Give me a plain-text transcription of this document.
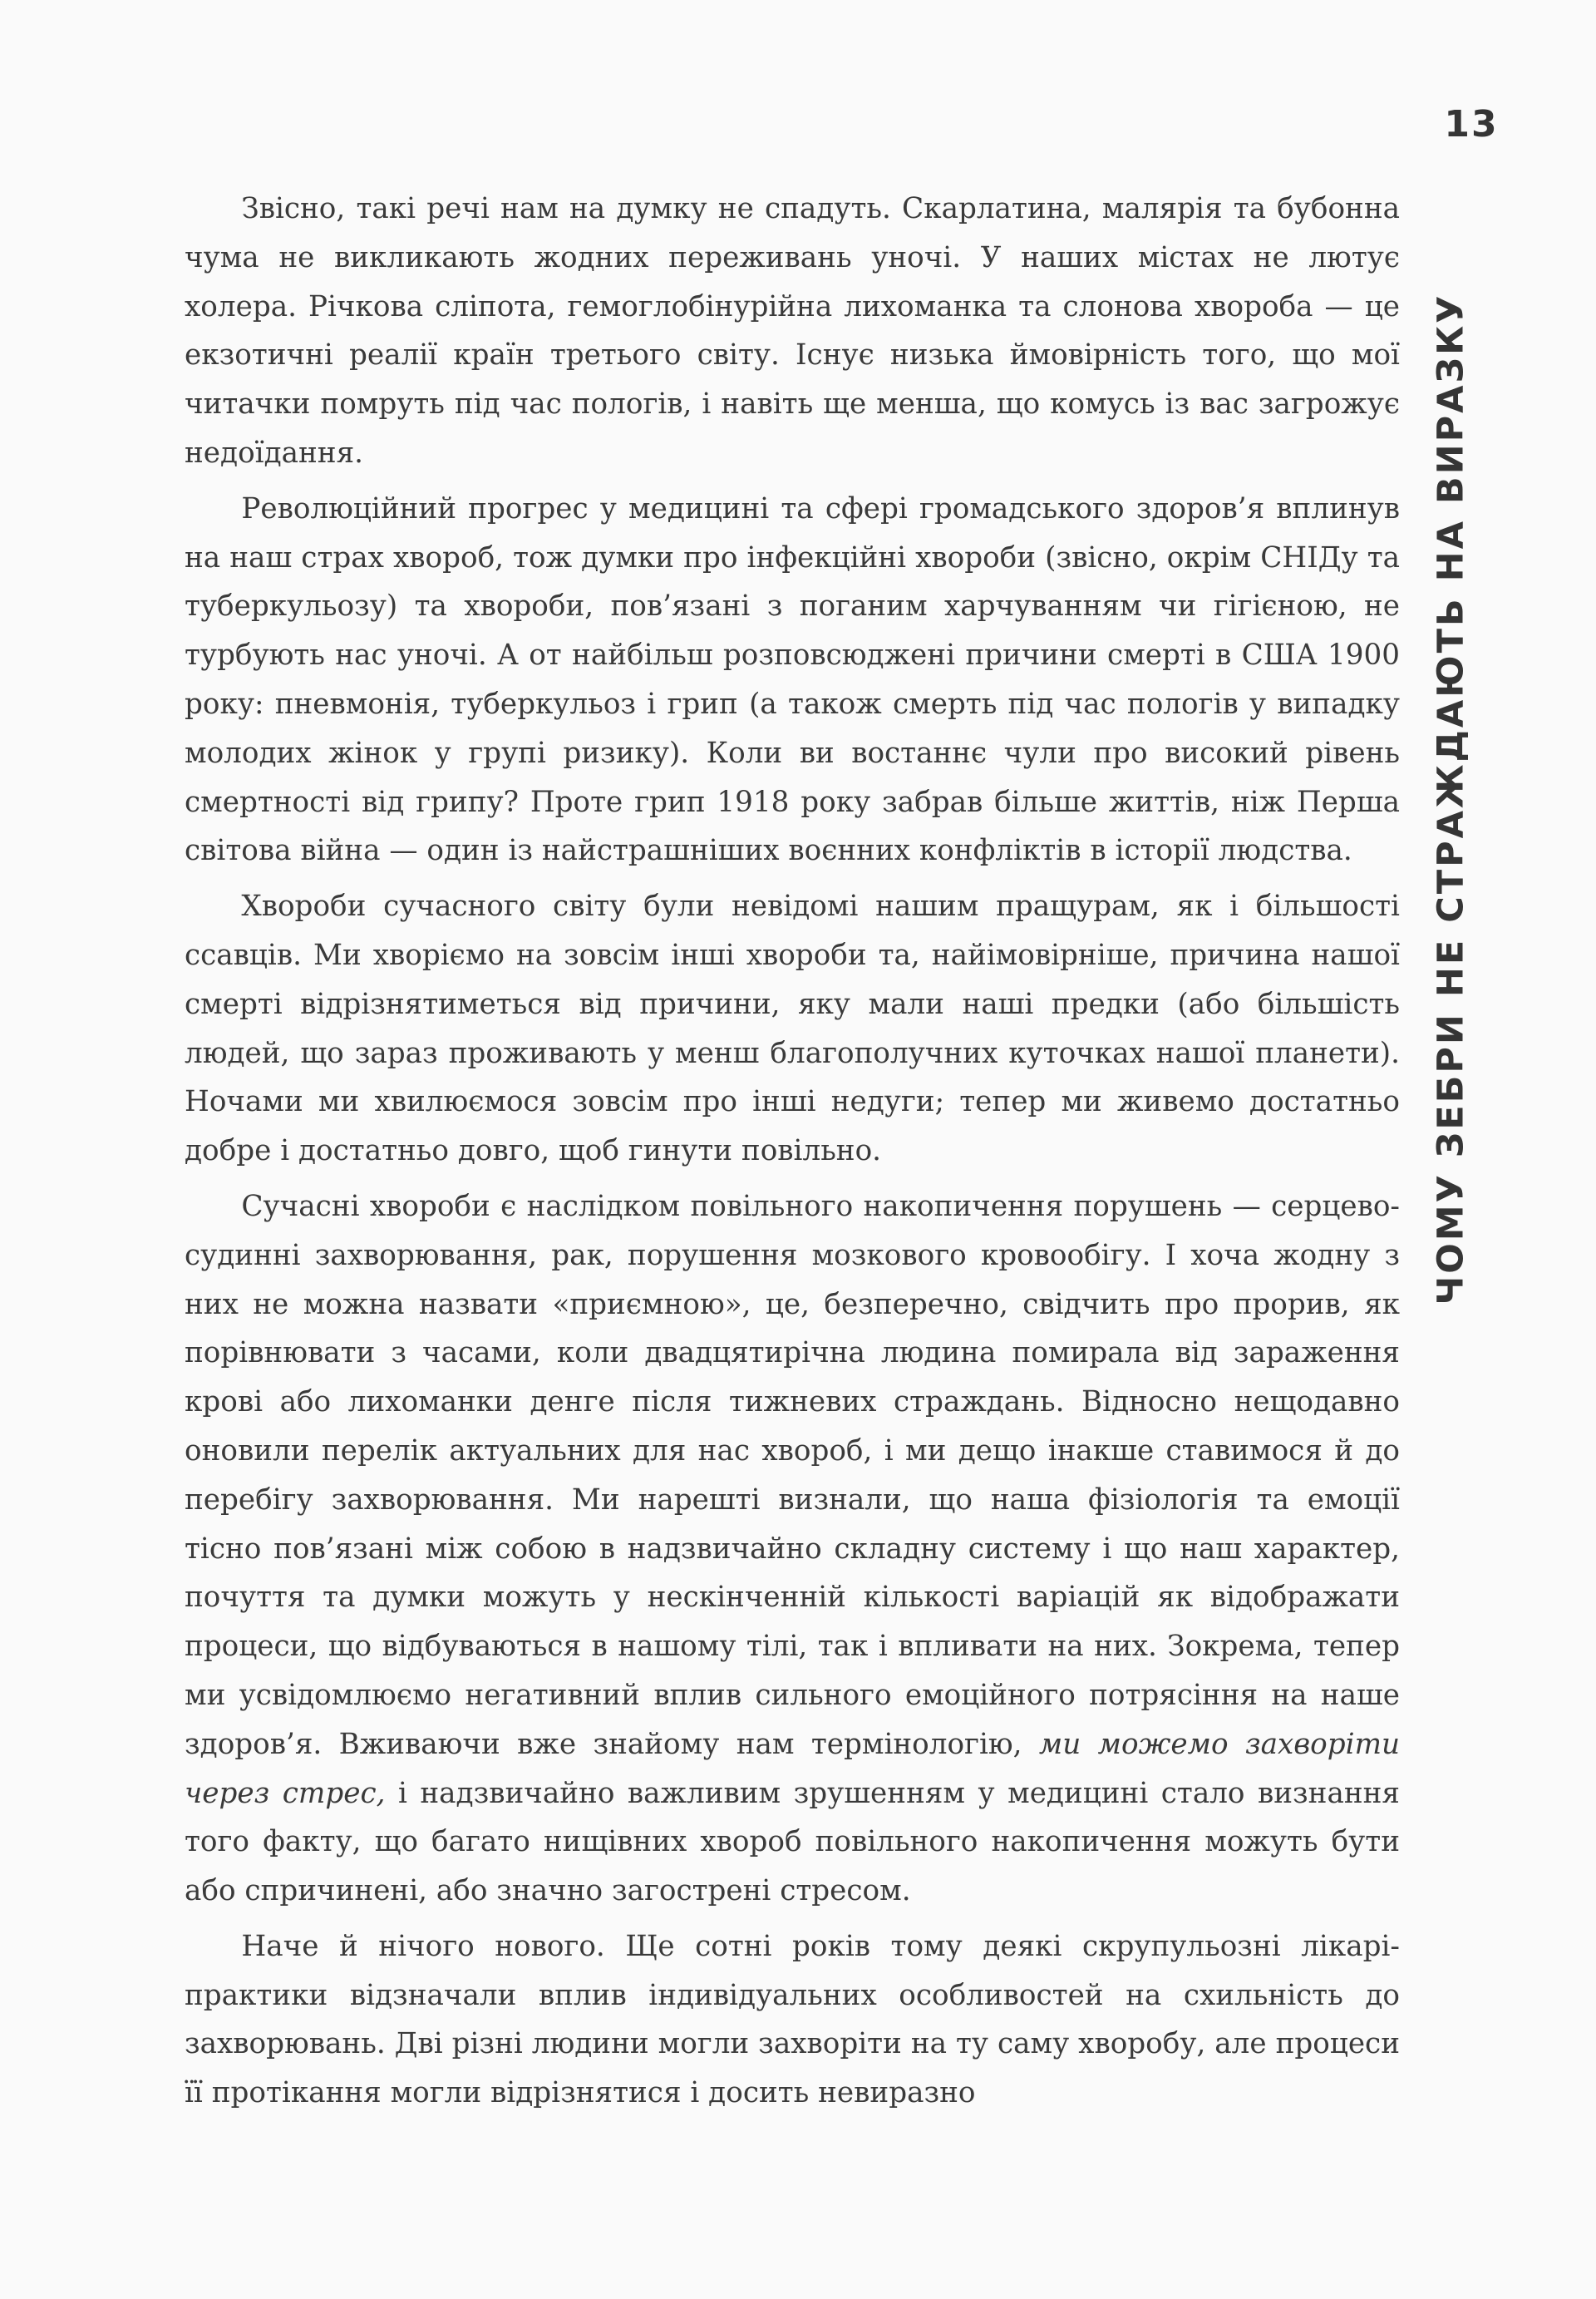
13
ЧОМУ ЗЕБРИ НЕ СТРАЖДАЮТЬ НА ВИРАЗКУ

Звісно, такі речі нам на думку не спадуть. Скарлатина, малярія та бубонна чума не викликають жодних переживань уночі. У наших містах не лютує холера. Річкова сліпота, гемоглобінурійна лихоманка та слонова хвороба — це екзотичні реалії країн третього світу. Існує низька ймовірність того, що мої читачки помруть під час пологів, і навіть ще менша, що комусь із вас загрожує недоїдання.

Революційний прогрес у медицині та сфері громадського здоров’я вплинув на наш страх хвороб, тож думки про інфекційні хвороби (звісно, окрім СНІДу та туберкульозу) та хвороби, пов’язані з поганим харчуванням чи гігієною, не турбують нас уночі. А от найбільш розповсюджені причини смерті в США 1900 року: пневмонія, туберкульоз і грип (а також смерть під час пологів у випадку молодих жінок у групі ризику). Коли ви востаннє чули про високий рівень смертності від грипу? Проте грип 1918 року забрав більше життів, ніж Перша світова війна — один із найстрашніших воєнних конфліктів в історії людства.

Хвороби сучасного світу були невідомі нашим пращурам, як і більшості ссавців. Ми хворіємо на зовсім інші хвороби та, найімовірніше, причина нашої смерті відрізнятиметься від причини, яку мали наші предки (або більшість людей, що зараз проживають у менш благополучних куточках нашої планети). Ночами ми хвилюємося зовсім про інші недуги; тепер ми живемо достатньо добре і достатньо довго, щоб гинути повільно.

Сучасні хвороби є наслідком повільного накопичення порушень — серцево-судинні захворювання, рак, порушення мозкового кровообігу. І хоча жодну з них не можна назвати «приємною», це, безперечно, свідчить про прорив, як порівнювати з часами, коли двадцятирічна людина помирала від зараження крові або лихоманки денге після тижневих страждань. Відносно нещодавно оновили перелік актуальних для нас хвороб, і ми дещо інакше ставимося й до перебігу захворювання. Ми нарешті визнали, що наша фізіологія та емоції тісно пов’язані між собою в надзвичайно складну систему і що наш характер, почуття та думки можуть у нескінченній кількості варіацій як відображати процеси, що відбуваються в нашому тілі, так і впливати на них. Зокрема, тепер ми усвідомлюємо негативний вплив сильного емоційного потрясіння на наше здоров’я. Вживаючи вже знайому нам термінологію, ми можемо захворіти через стрес, і надзвичайно важливим зрушенням у медицині стало визнання того факту, що багато нищівних хвороб повільного накопичення можуть бути або спричинені, або значно загострені стресом.

Наче й нічого нового. Ще сотні років тому деякі скрупульозні лікарі-практики відзначали вплив індивідуальних особливостей на схильність до захворювань. Дві різні людини могли захворіти на ту саму хворобу, але процеси її протікання могли відрізнятися і досить невиразно
